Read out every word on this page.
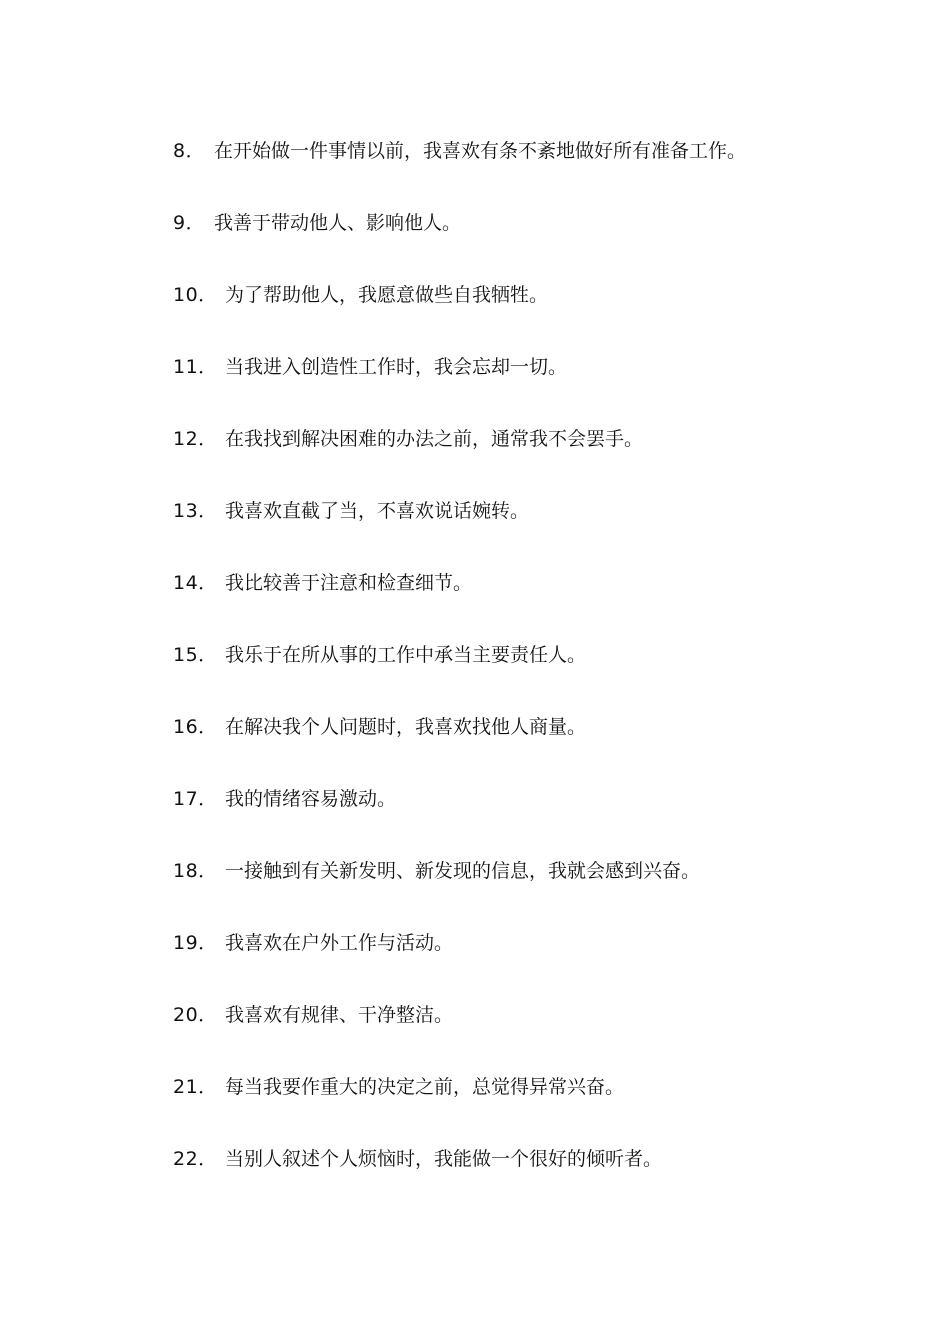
8． 在开始做一件事情以前，我喜欢有条不紊地做好所有准备工作。
9． 我善于带动他人、影响他人。
10． 为了帮助他人，我愿意做些自我牺牲。
11． 当我进入创造性工作时，我会忘却一切。
12． 在我找到解决困难的办法之前，通常我不会罢手。
13． 我喜欢直截了当，不喜欢说话婉转。
14． 我比较善于注意和检查细节。
15． 我乐于在所从事的工作中承当主要责任人。
16． 在解决我个人问题时，我喜欢找他人商量。
17． 我的情绪容易激动。
18． 一接触到有关新发明、新发现的信息，我就会感到兴奋。
19． 我喜欢在户外工作与活动。
20． 我喜欢有规律、干净整洁。
21． 每当我要作重大的决定之前，总觉得异常兴奋。
22． 当别人叙述个人烦恼时，我能做一个很好的倾听者。
